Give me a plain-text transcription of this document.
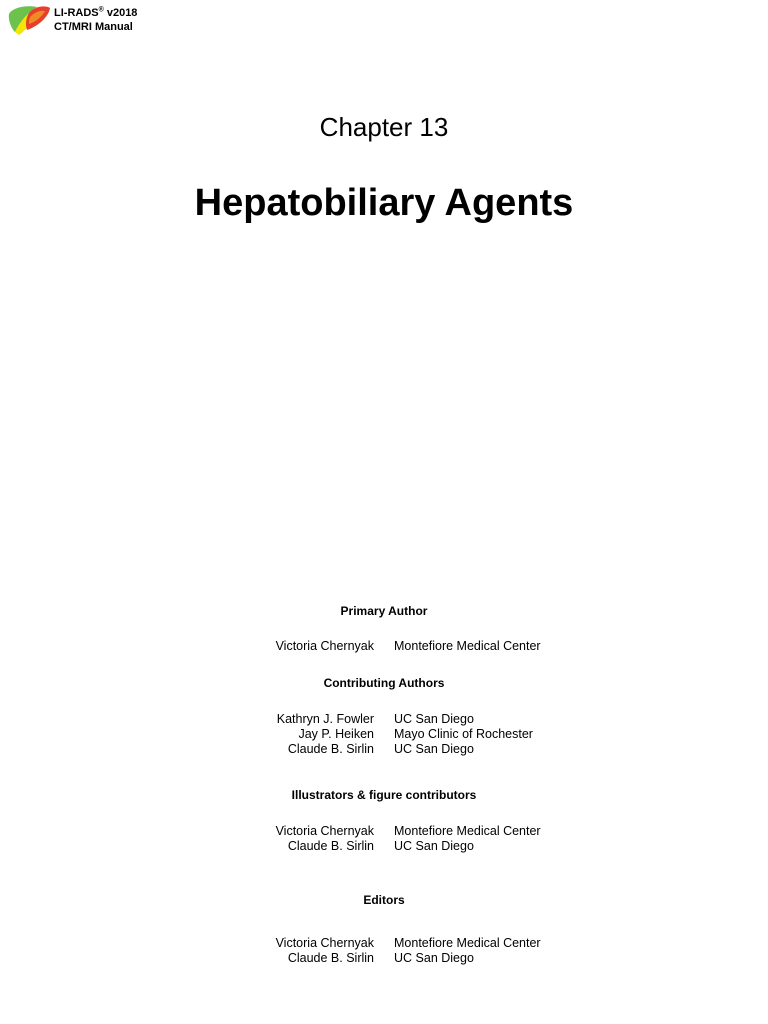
LI-RADS® v2018
CT/MRI Manual
Chapter 13
Hepatobiliary Agents
Primary Author
Victoria Chernyak Montefiore Medical Center
Contributing Authors
Kathryn J. Fowler UC San Diego
Jay P. Heiken Mayo Clinic of Rochester
Claude B. Sirlin UC San Diego
Illustrators & figure contributors
Victoria Chernyak Montefiore Medical Center
Claude B. Sirlin UC San Diego
Editors
Victoria Chernyak Montefiore Medical Center
Claude B. Sirlin UC San Diego
